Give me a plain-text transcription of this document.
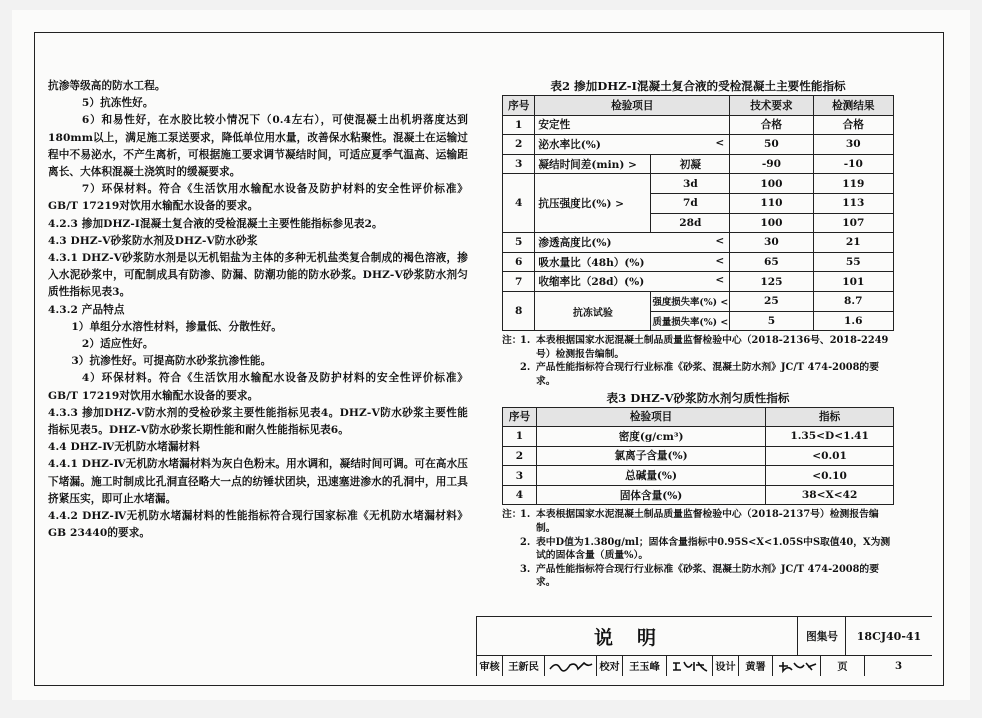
抗渗等级高的防水工程。

5）抗冻性好。

6）和易性好，在水胶比较小情况下（0.4左右），可使混凝土出机坍落度达到180mm以上，满足施工泵送要求，降低单位用水量，改善保水粘聚性。混凝土在运输过程中不易泌水，不产生离析，可根据施工要求调节凝结时间，可适应夏季气温高、运输距离长、大体积混凝土浇筑时的缓凝要求。

7）环保材料。符合《生活饮用水输配水设备及防护材料的安全性评价标准》GB/T 17219对饮用水输配水设备的要求。

4.2.3 掺加DHZ-Ⅰ混凝土复合液的受检混凝土主要性能指标参见表2。

4.3 DHZ-Ⅴ砂浆防水剂及DHZ-Ⅴ防水砂浆

4.3.1 DHZ-Ⅴ砂浆防水剂是以无机铝盐为主体的多种无机盐类复合制成的褐色溶液，掺入水泥砂浆中，可配制成具有防渗、防漏、防潮功能的防水砂浆。DHZ-Ⅴ砂浆防水剂匀质性指标见表3。

4.3.2 产品特点

1）单组分水溶性材料，掺量低、分散性好。

2）适应性好。

3）抗渗性好。可提高防水砂浆抗渗性能。

4）环保材料。符合《生活饮用水输配水设备及防护材料的安全性评价标准》GB/T 17219对饮用水输配水设备的要求。

4.3.3 掺加DHZ-Ⅴ防水剂的受检砂浆主要性能指标见表4。DHZ-Ⅴ防水砂浆主要性能指标见表5。DHZ-Ⅴ防水砂浆长期性能和耐久性能指标见表6。

4.4 DHZ-Ⅳ无机防水堵漏材料

4.4.1 DHZ-Ⅳ无机防水堵漏材料为灰白色粉末。用水调和，凝结时间可调。可在高水压下堵漏。施工时制成比孔洞直径略大一点的纺锤状团块，迅速塞进渗水的孔洞中，用工具挤紧压实，即可止水堵漏。

4.4.2 DHZ-Ⅳ无机防水堵漏材料的性能指标符合现行国家标准《无机防水堵漏材料》GB 23440的要求。

表2 掺加DHZ-Ⅰ混凝土复合液的受检混凝土主要性能指标
序号	检验项目		技术要求	检测结果
1	安定性		合格	合格
2	泌水率比(%) <		50	30
3	凝结时间差(min) >	初凝	-90	-10
4	抗压强度比(%) >	3d	100	119
		7d	110	113
		28d	100	107
5	渗透高度比(%) <		30	21
6	吸水量比（48h）(%) <		65	55
7	收缩率比（28d）(%) <		125	101
8	抗冻试验	强度损失率(%) <	25	8.7
		质量损失率(%) <	5	1.6
注：
1. 本表根据国家水泥混凝土制品质量监督检验中心（2018-2136号、2018-2249号）检测报告编制。
2. 产品性能指标符合现行行业标准《砂浆、混凝土防水剂》JC/T 474-2008的要求。
表3 DHZ-Ⅴ砂浆防水剂匀质性指标
序号	检验项目	指标
1	密度(g/cm³)	1.35<D<1.41
2	氯离子含量(%)	<0.01
3	总碱量(%)	<0.10
4	固体含量(%)	38<X<42
注：
1. 本表根据国家水泥混凝土制品质量监督检验中心（2018-2137号）检测报告编制。
2. 表中D值为1.380g/ml；固体含量指标中0.95S<X<1.05S中S取值40，X为测试的固体含量（质量%）。
3. 产品性能指标符合现行行业标准《砂浆、混凝土防水剂》JC/T 474-2008的要求。
说明	图集号	18CJ40-41
审核 王新民	校对 王玉峰	设计 黄署	页	3
